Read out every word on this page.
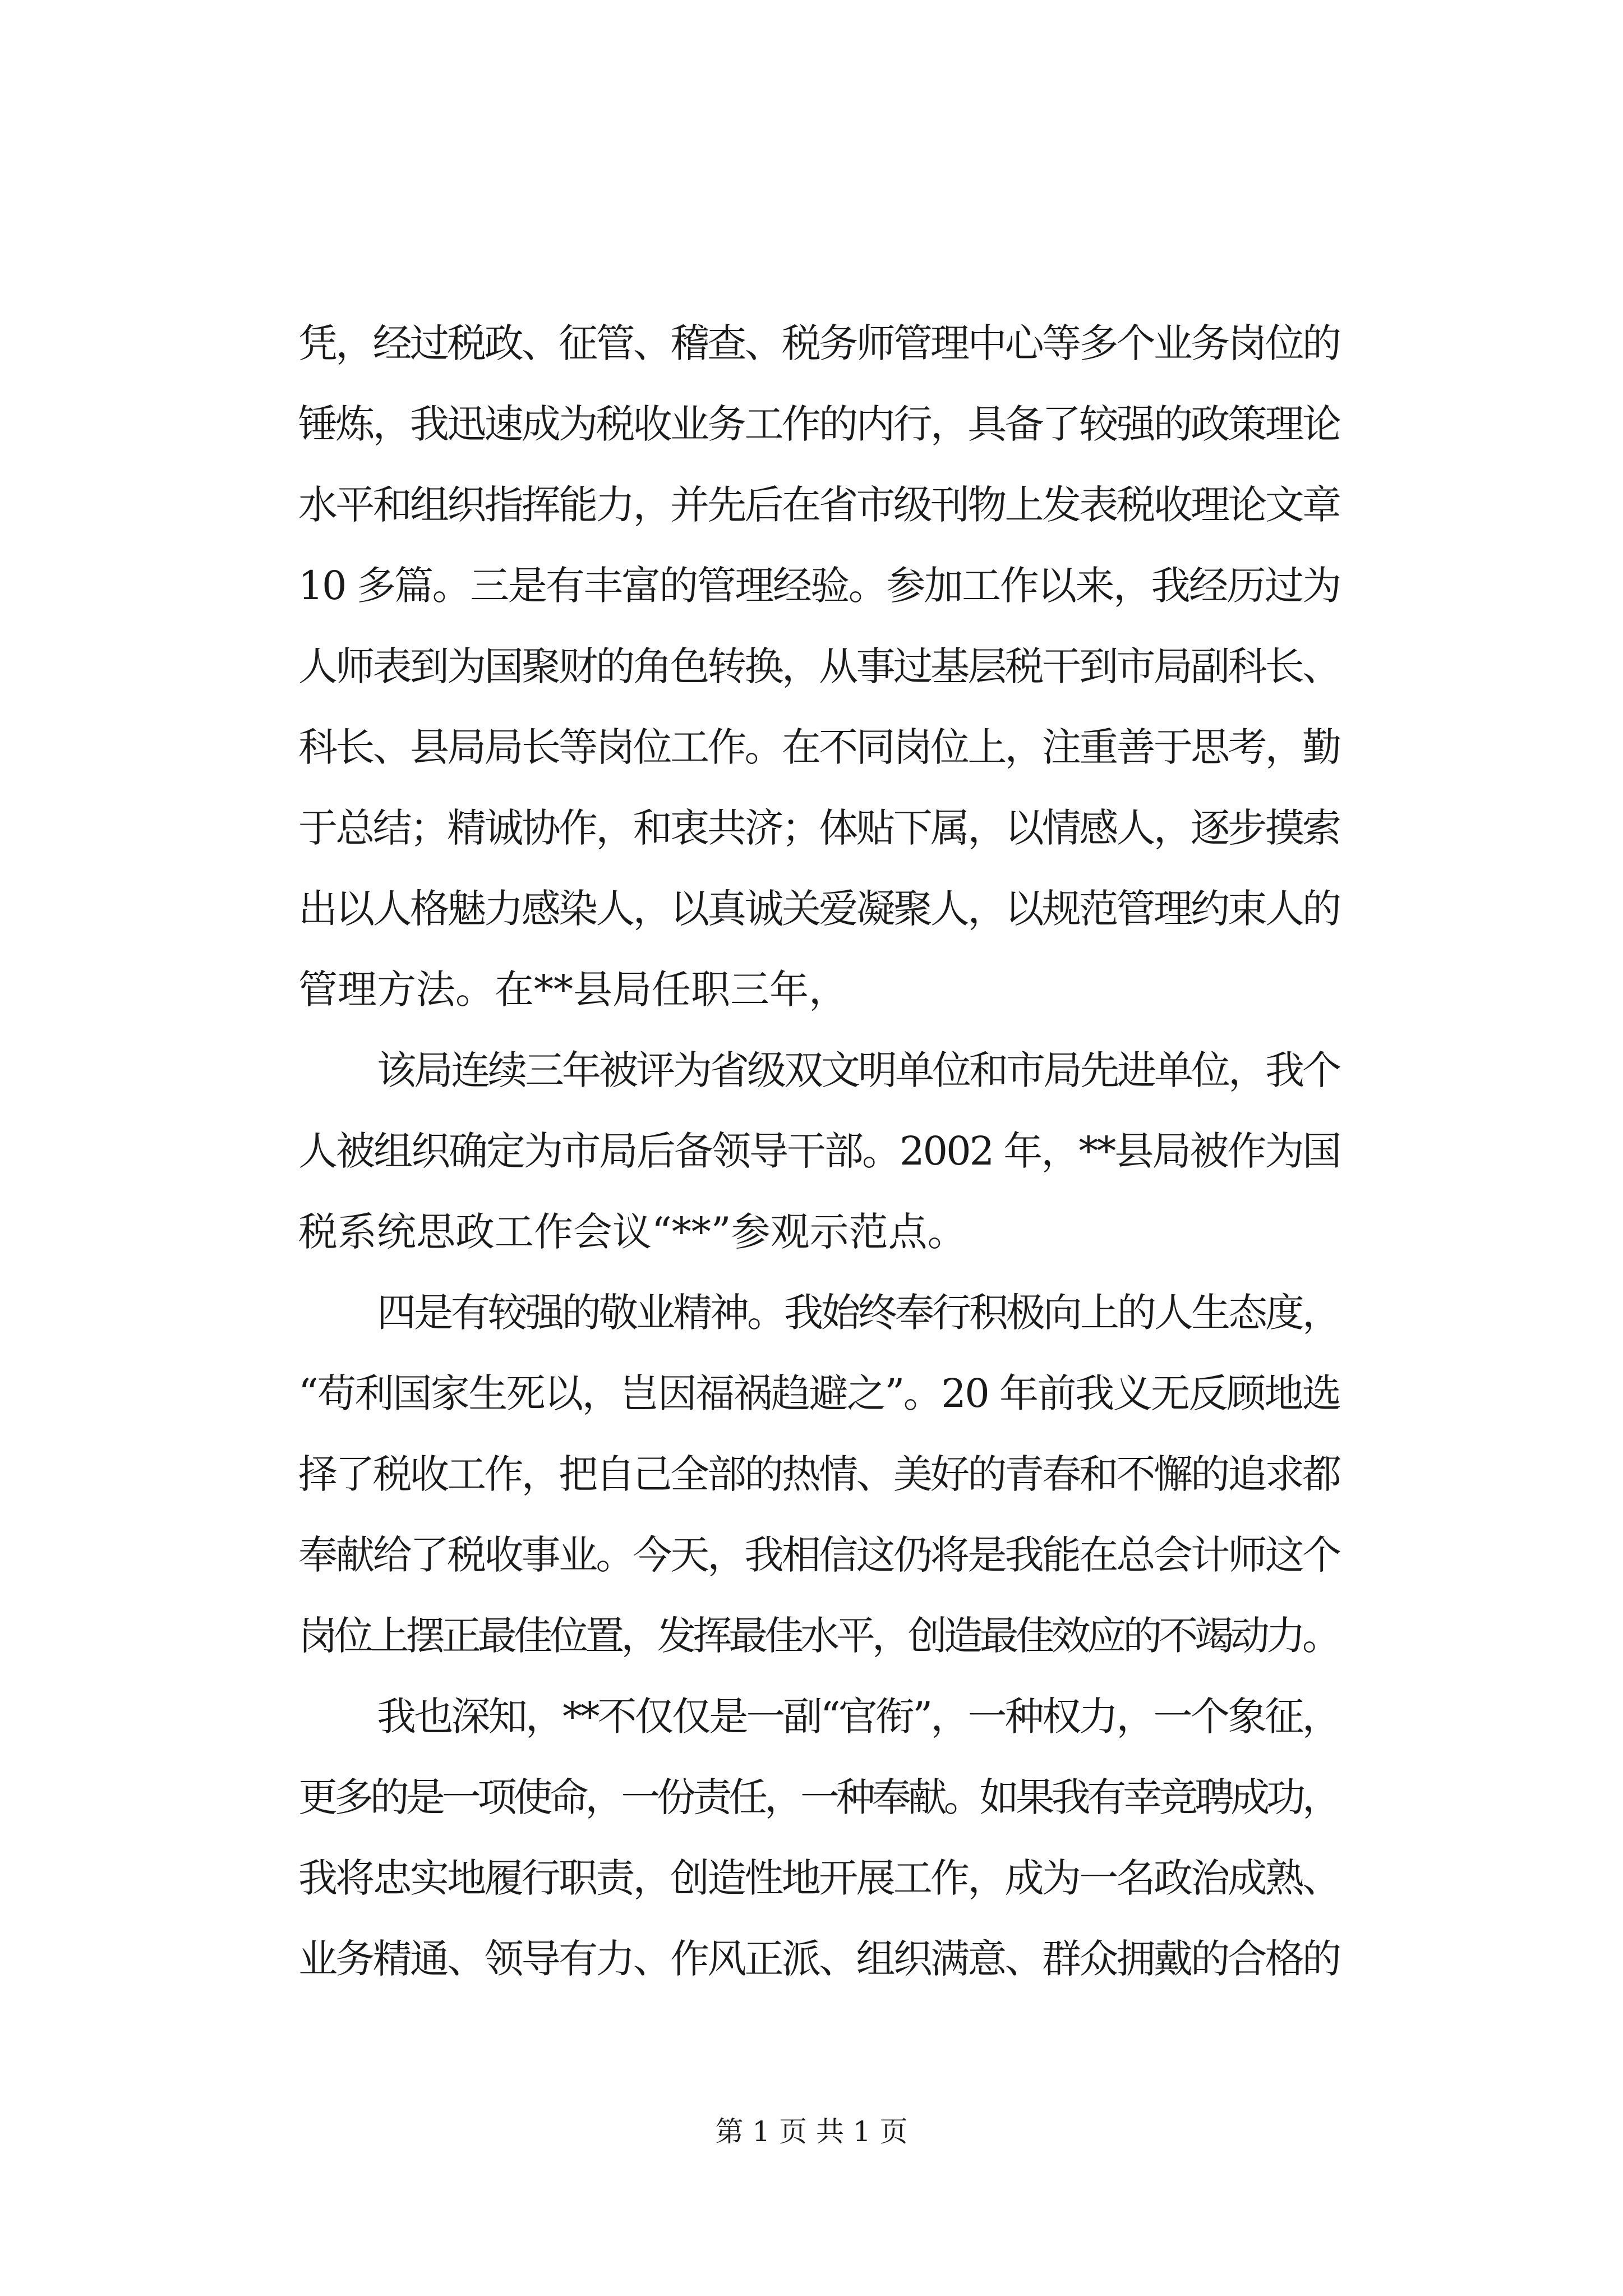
凭，经过税政、征管、稽查、税务师管理中心等多个业务岗位的
锤炼，我迅速成为税收业务工作的内行，具备了较强的政策理论
水平和组织指挥能力，并先后在省市级刊物上发表税收理论文章
10 多篇。三是有丰富的管理经验。参加工作以来，我经历过为
人师表到为国聚财的角色转换，从事过基层税干到市局副科长、
科长、县局局长等岗位工作。在不同岗位上，注重善于思考，勤
于总结；精诚协作，和衷共济；体贴下属，以情感人，逐步摸索
出以人格魅力感染人，以真诚关爱凝聚人，以规范管理约束人的
管理方法。在**县局任职三年，
该局连续三年被评为省级双文明单位和市局先进单位，我个
人被组织确定为市局后备领导干部。2002 年，**县局被作为国
税系统思政工作会议“**”参观示范点。
四是有较强的敬业精神。我始终奉行积极向上的人生态度，
“苟利国家生死以，岂因福祸趋避之”。20 年前我义无反顾地选
择了税收工作，把自己全部的热情、美好的青春和不懈的追求都
奉献给了税收事业。今天，我相信这仍将是我能在总会计师这个
岗位上摆正最佳位置，发挥最佳水平，创造最佳效应的不竭动力。
我也深知，**不仅仅是一副“官衔”，一种权力，一个象征，
更多的是一项使命，一份责任，一种奉献。如果我有幸竞聘成功，
我将忠实地履行职责，创造性地开展工作，成为一名政治成熟、
业务精通、领导有力、作风正派、组织满意、群众拥戴的合格的
第 1 页 共 1 页
